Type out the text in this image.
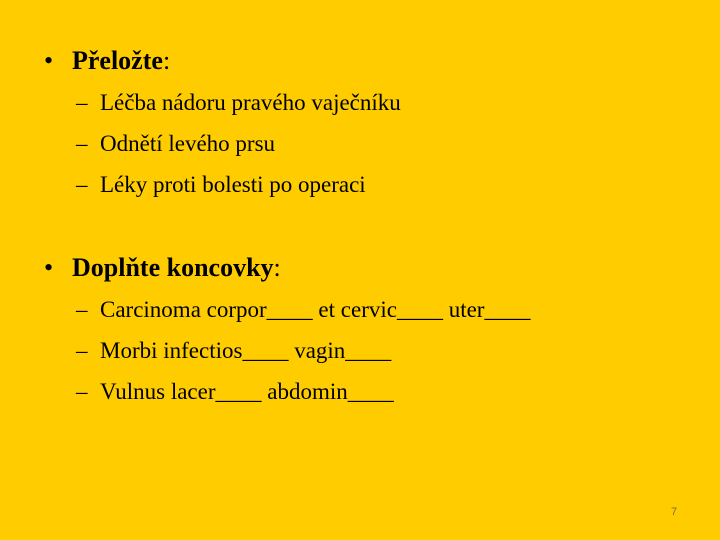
• Přeložte:
– Léčba nádoru pravého vaječníku
– Odnětí levého prsu
– Léky proti bolesti po operaci
• Doplňte koncovky:
– Carcinoma corpor____ et cervic____ uter____
– Morbi infectios____ vagin____
– Vulnus lacer____ abdomin____
7
